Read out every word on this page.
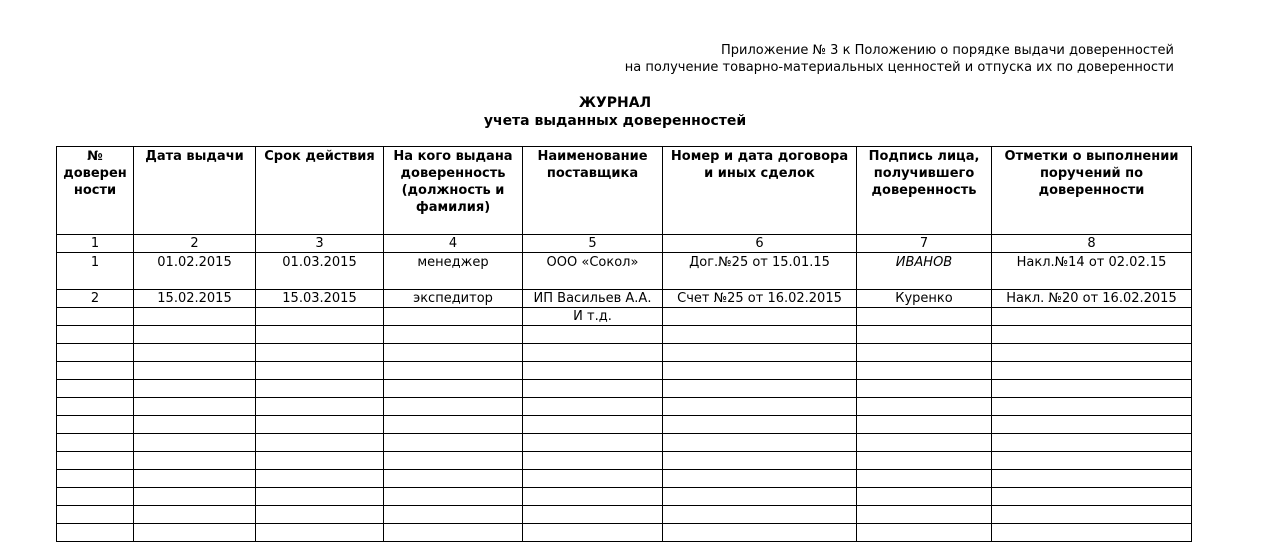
Приложение № 3 к Положению о порядке выдачи доверенностей
на получение товарно-материальных ценностей и отпуска их по доверенности
ЖУРНАЛ
учета выданных доверенностей
№ доверен ности	Дата выдачи	Срок действия	На кого выдана доверенность (должность и фамилия)	Наименование поставщика	Номер и дата договора и иных сделок	Подпись лица, получившего доверенность	Отметки о выполнении поручений по доверенности
1	2	3	4	5	6	7	8
1	01.02.2015	01.03.2015	менеджер	ООО «Сокол»	Дог.№25 от 15.01.15	ИВАНОВ	Накл.№14 от 02.02.15
2	15.02.2015	15.03.2015	экспедитор	ИП Васильев А.А.	Счет №25 от 16.02.2015	Куренко	Накл. №20 от 16.02.2015
				И т.д.			
